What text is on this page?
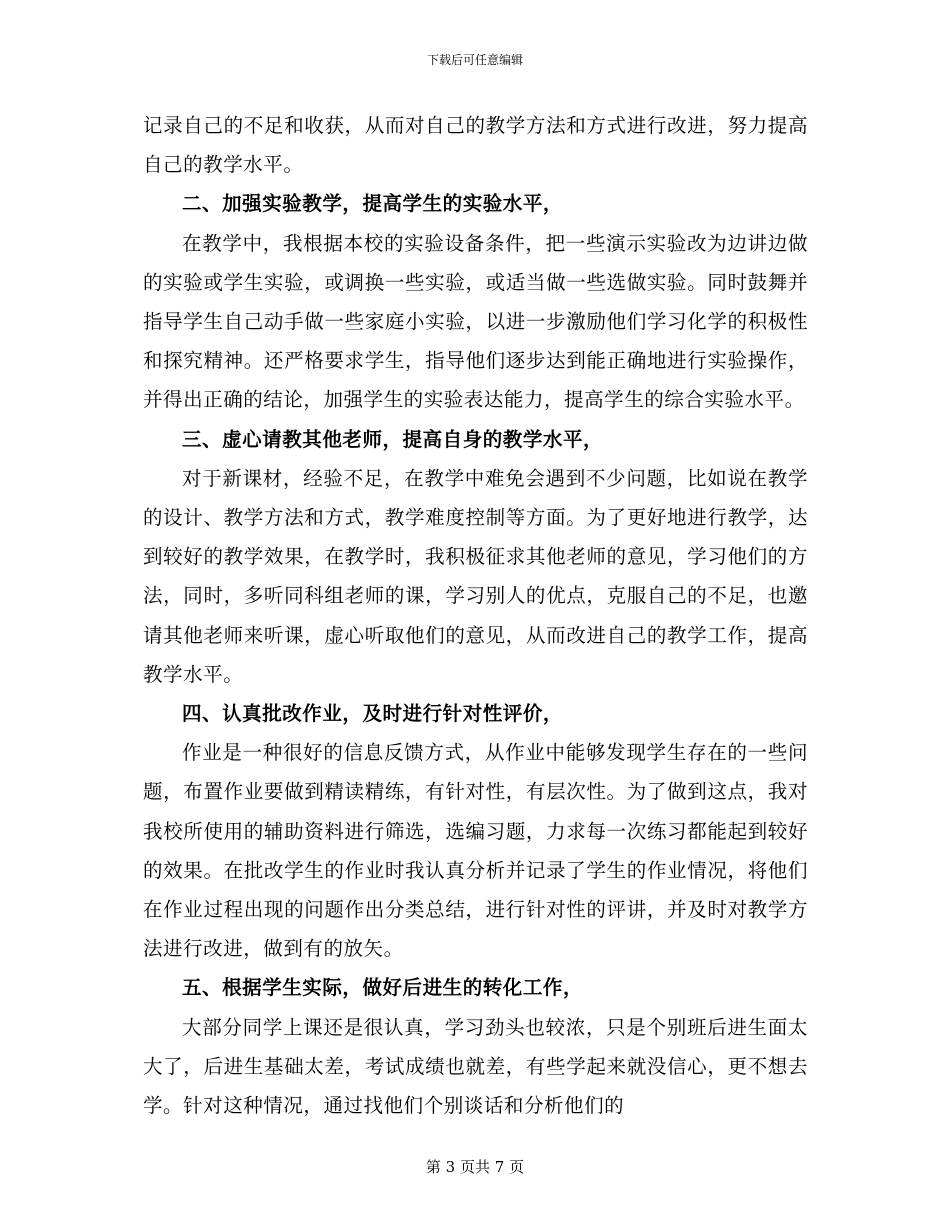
下载后可任意编辑

记录自己的不足和收获，从而对自己的教学方法和方式进行改进，努力提高自己的教学水平。

二、加强实验教学，提高学生的实验水平，

在教学中，我根据本校的实验设备条件，把一些演示实验改为边讲边做的实验或学生实验，或调换一些实验，或适当做一些选做实验。同时鼓舞并指导学生自己动手做一些家庭小实验，以进一步激励他们学习化学的积极性和探究精神。还严格要求学生，指导他们逐步达到能正确地进行实验操作，并得出正确的结论，加强学生的实验表达能力，提高学生的综合实验水平。

三、虚心请教其他老师，提高自身的教学水平，

对于新课材，经验不足，在教学中难免会遇到不少问题，比如说在教学的设计、教学方法和方式，教学难度控制等方面。为了更好地进行教学，达到较好的教学效果，在教学时，我积极征求其他老师的意见，学习他们的方法，同时，多听同科组老师的课，学习别人的优点，克服自己的不足，也邀请其他老师来听课，虚心听取他们的意见，从而改进自己的教学工作，提高教学水平。

四、认真批改作业，及时进行针对性评价，

作业是一种很好的信息反馈方式，从作业中能够发现学生存在的一些问题，布置作业要做到精读精练，有针对性，有层次性。为了做到这点，我对我校所使用的辅助资料进行筛选，选编习题，力求每一次练习都能起到较好的效果。在批改学生的作业时我认真分析并记录了学生的作业情况，将他们在作业过程出现的问题作出分类总结，进行针对性的评讲，并及时对教学方法进行改进，做到有的放矢。

五、根据学生实际，做好后进生的转化工作，

大部分同学上课还是很认真，学习劲头也较浓，只是个别班后进生面太大了，后进生基础太差，考试成绩也就差，有些学起来就没信心，更不想去学。针对这种情况，通过找他们个别谈话和分析他们的

第 3 页共 7 页
